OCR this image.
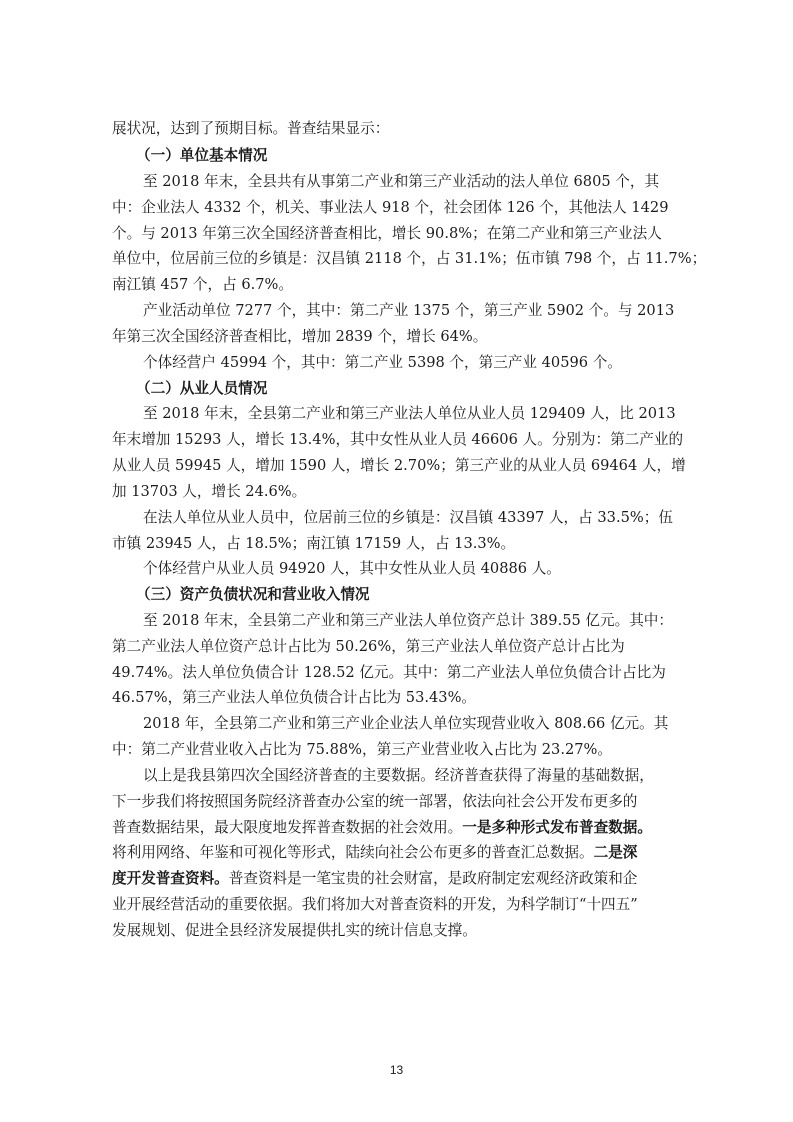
展状况，达到了预期目标。普查结果显示：
（一）单位基本情况
至 2018 年末，全县共有从事第二产业和第三产业活动的法人单位 6805 个，其
中：企业法人 4332 个，机关、事业法人 918 个，社会团体 126 个，其他法人 1429
个。与 2013 年第三次全国经济普查相比，增长 90.8%；在第二产业和第三产业法人
单位中，位居前三位的乡镇是：汉昌镇 2118 个，占 31.1%；伍市镇 798 个，占 11.7%；
南江镇 457 个，占 6.7%。
产业活动单位 7277 个，其中：第二产业 1375 个，第三产业 5902 个。与 2013
年第三次全国经济普查相比，增加 2839 个，增长 64%。
个体经营户 45994 个，其中：第二产业 5398 个，第三产业 40596 个。
（二）从业人员情况
至 2018 年末，全县第二产业和第三产业法人单位从业人员 129409 人，比 2013
年末增加 15293 人，增长 13.4%，其中女性从业人员 46606 人。分别为：第二产业的
从业人员 59945 人，增加 1590 人，增长 2.70%；第三产业的从业人员 69464 人，增
加 13703 人，增长 24.6%。
在法人单位从业人员中，位居前三位的乡镇是：汉昌镇 43397 人，占 33.5%；伍
市镇 23945 人，占 18.5%；南江镇 17159 人，占 13.3%。
个体经营户从业人员 94920 人，其中女性从业人员 40886 人。
（三）资产负债状况和营业收入情况
至 2018 年末，全县第二产业和第三产业法人单位资产总计 389.55 亿元。其中：
第二产业法人单位资产总计占比为 50.26%，第三产业法人单位资产总计占比为
49.74%。法人单位负债合计 128.52 亿元。其中：第二产业法人单位负债合计占比为
46.57%，第三产业法人单位负债合计占比为 53.43%。
2018 年，全县第二产业和第三产业企业法人单位实现营业收入 808.66 亿元。其
中：第二产业营业收入占比为 75.88%，第三产业营业收入占比为 23.27%。
以上是我县第四次全国经济普查的主要数据。经济普查获得了海量的基础数据，
下一步我们将按照国务院经济普查办公室的统一部署，依法向社会公开发布更多的
普查数据结果，最大限度地发挥普查数据的社会效用。一是多种形式发布普查数据。
将利用网络、年鉴和可视化等形式，陆续向社会公布更多的普查汇总数据。二是深
度开发普查资料。普查资料是一笔宝贵的社会财富，是政府制定宏观经济政策和企
业开展经营活动的重要依据。我们将加大对普查资料的开发，为科学制订“十四五”
发展规划、促进全县经济发展提供扎实的统计信息支撑。
13
